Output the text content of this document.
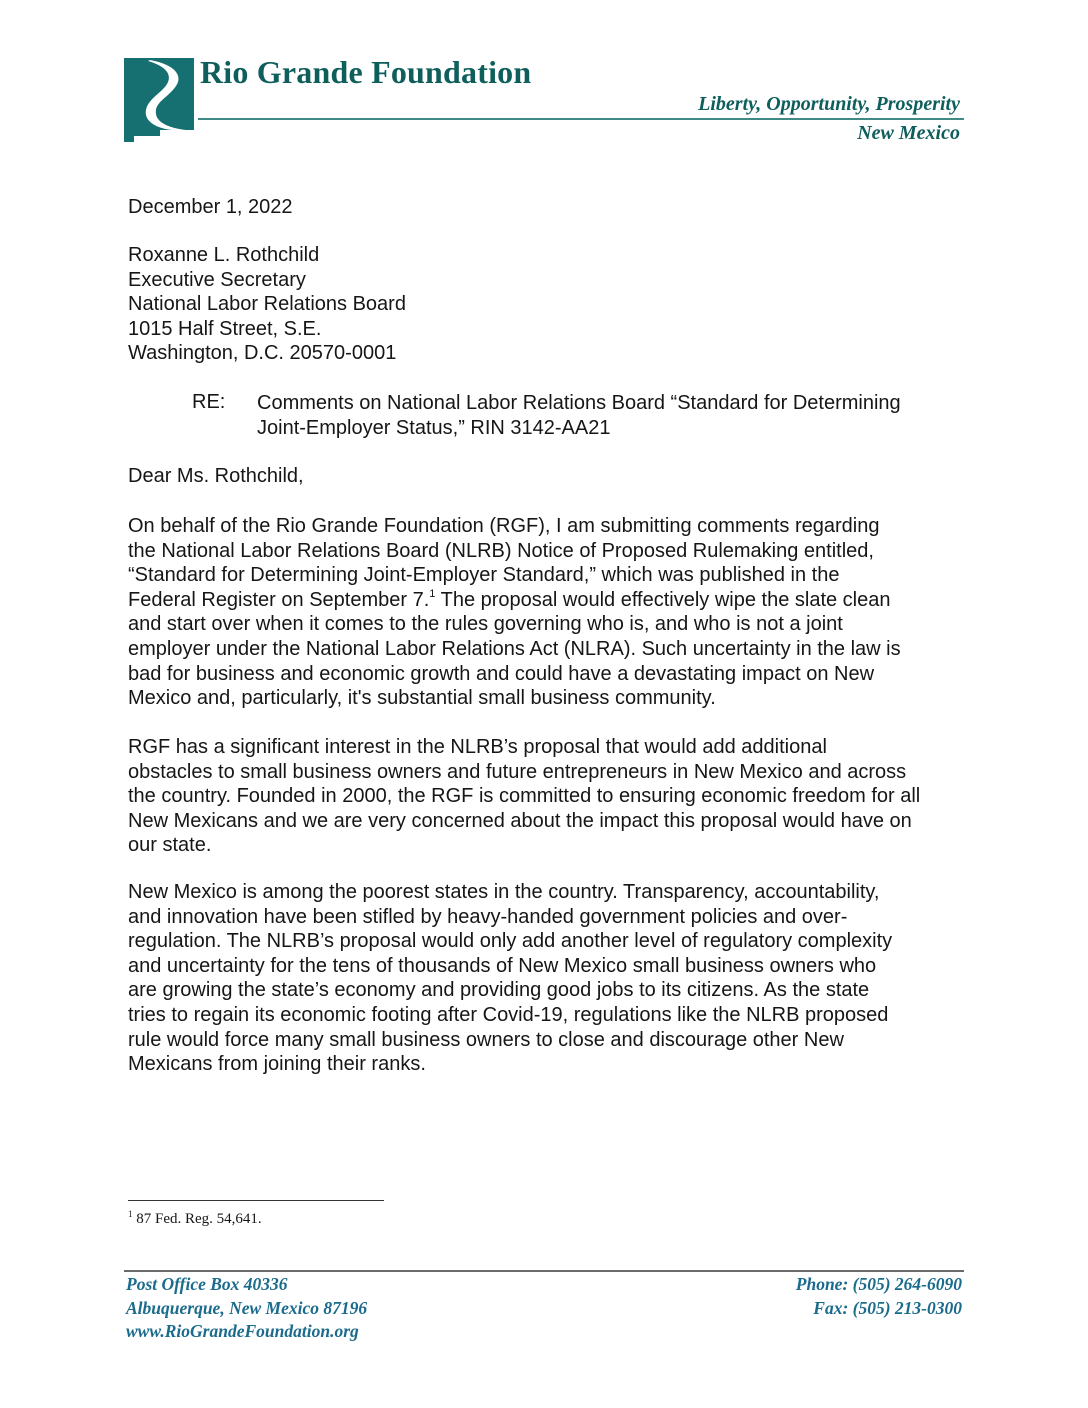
Rio Grande Foundation
Liberty, Opportunity, Prosperity
New Mexico
December 1, 2022
Roxanne L. Rothchild
Executive Secretary
National Labor Relations Board
1015 Half Street, S.E.
Washington, D.C. 20570-0001
RE: Comments on National Labor Relations Board “Standard for Determining
Joint-Employer Status,” RIN 3142-AA21
Dear Ms. Rothchild,
On behalf of the Rio Grande Foundation (RGF), I am submitting comments regarding
the National Labor Relations Board (NLRB) Notice of Proposed Rulemaking entitled,
“Standard for Determining Joint-Employer Standard,” which was published in the
Federal Register on September 7.$^1$ The proposal would effectively wipe the slate clean
and start over when it comes to the rules governing who is, and who is not a joint
employer under the National Labor Relations Act (NLRA). Such uncertainty in the law is
bad for business and economic growth and could have a devastating impact on New
Mexico and, particularly, it's substantial small business community.
RGF has a significant interest in the NLRB’s proposal that would add additional
obstacles to small business owners and future entrepreneurs in New Mexico and across
the country. Founded in 2000, the RGF is committed to ensuring economic freedom for all
New Mexicans and we are very concerned about the impact this proposal would have on
our state.
New Mexico is among the poorest states in the country. Transparency, accountability,
and innovation have been stifled by heavy-handed government policies and over-
regulation. The NLRB’s proposal would only add another level of regulatory complexity
and uncertainty for the tens of thousands of New Mexico small business owners who
are growing the state’s economy and providing good jobs to its citizens. As the state
tries to regain its economic footing after Covid-19, regulations like the NLRB proposed
rule would force many small business owners to close and discourage other New
Mexicans from joining their ranks.
$^1$ 87 Fed. Reg. 54,641.
Post Office Box 40336
Albuquerque, New Mexico 87196
www.RioGrandeFoundation.org
Phone: (505) 264-6090
Fax: (505) 213-0300
